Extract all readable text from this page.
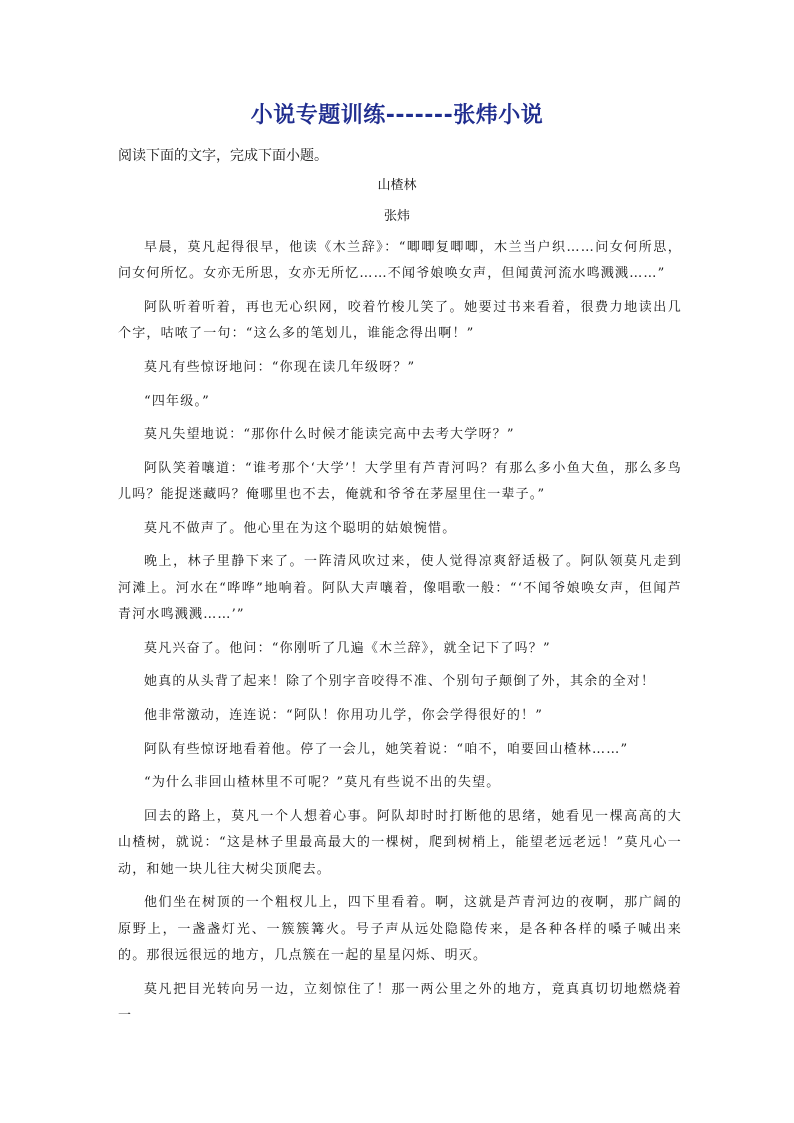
小说专题训练-------张炜小说
阅读下面的文字，完成下面小题。
山楂林
张炜

早晨，莫凡起得很早，他读《木兰辞》：“唧唧复唧唧，木兰当户织……问女何所思，问女何所忆。女亦无所思，女亦无所忆……不闻爷娘唤女声，但闻黄河流水鸣溅溅……”

阿队听着听着，再也无心织网，咬着竹梭儿笑了。她要过书来看着，很费力地读出几个字，咕哝了一句：“这么多的笔划儿，谁能念得出啊！”

莫凡有些惊讶地问：“你现在读几年级呀？”

“四年级。”

莫凡失望地说：“那你什么时候才能读完高中去考大学呀？”

阿队笑着嚷道：“谁考那个‘大学’！大学里有芦青河吗？有那么多小鱼大鱼，那么多鸟儿吗？能捉迷藏吗？俺哪里也不去，俺就和爷爷在茅屋里住一辈子。”

莫凡不做声了。他心里在为这个聪明的姑娘惋惜。

晚上，林子里静下来了。一阵清风吹过来，使人觉得凉爽舒适极了。阿队领莫凡走到河滩上。河水在“哗哗”地响着。阿队大声嚷着，像唱歌一般：“‘不闻爷娘唤女声，但闻芦青河水鸣溅溅……’”

莫凡兴奋了。他问：“你刚听了几遍《木兰辞》，就全记下了吗？”

她真的从头背了起来！除了个别字音咬得不准、个别句子颠倒了外，其余的全对！

他非常激动，连连说：“阿队！你用功儿学，你会学得很好的！”

阿队有些惊讶地看着他。停了一会儿，她笑着说：“咱不，咱要回山楂林……”

“为什么非回山楂林里不可呢？”莫凡有些说不出的失望。

回去的路上，莫凡一个人想着心事。阿队却时时打断他的思绪，她看见一棵高高的大山楂树，就说：“这是林子里最高最大的一棵树，爬到树梢上，能望老远老远！”莫凡心一动，和她一块儿往大树尖顶爬去。

他们坐在树顶的一个粗杈儿上，四下里看着。啊，这就是芦青河边的夜啊，那广阔的原野上，一盏盏灯光、一簇簇篝火。号子声从远处隐隐传来，是各种各样的嗓子喊出来的。那很远很远的地方，几点簇在一起的星星闪烁、明灭。

莫凡把目光转向另一边，立刻惊住了！那一两公里之外的地方，竟真真切切地燃烧着一
